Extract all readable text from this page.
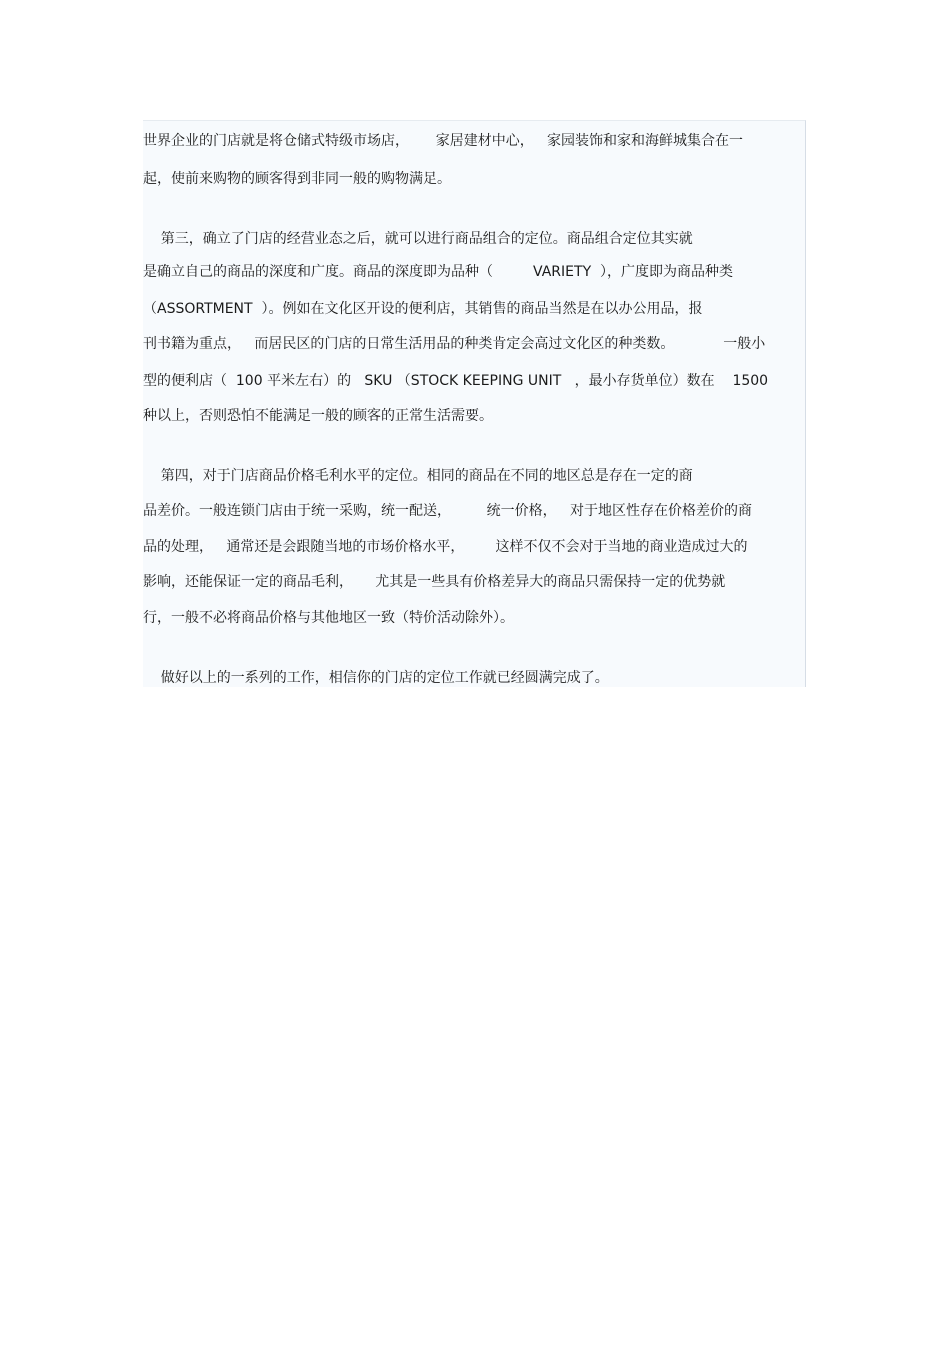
世界企业的门店就是将仓储式特级市场店，      家居建材中心，   家园装饰和家和海鲜城集合在一
起，使前来购物的顾客得到非同一般的购物满足。
第三，确立了门店的经营业态之后，就可以进行商品组合的定位。商品组合定位其实就
是确立自己的商品的深度和广度。商品的深度即为品种（         VARIETY  ），广度即为商品种类
（ASSORTMENT  ）。例如在文化区开设的便利店，其销售的商品当然是在以办公用品，报
刊书籍为重点，   而居民区的门店的日常生活用品的种类肯定会高过文化区的种类数。           一般小
型的便利店（  100 平米左右）的   SKU （STOCK KEEPING UNIT   ，最小存货单位）数在    1500
种以上，否则恐怕不能满足一般的顾客的正常生活需要。
第四，对于门店商品价格毛利水平的定位。相同的商品在不同的地区总是存在一定的商
品差价。一般连锁门店由于统一采购，统一配送，        统一价格，   对于地区性存在价格差价的商
品的处理，   通常还是会跟随当地的市场价格水平，       这样不仅不会对于当地的商业造成过大的
影响，还能保证一定的商品毛利，     尤其是一些具有价格差异大的商品只需保持一定的优势就
行，一般不必将商品价格与其他地区一致（特价活动除外）。
做好以上的一系列的工作，相信你的门店的定位工作就已经圆满完成了。
